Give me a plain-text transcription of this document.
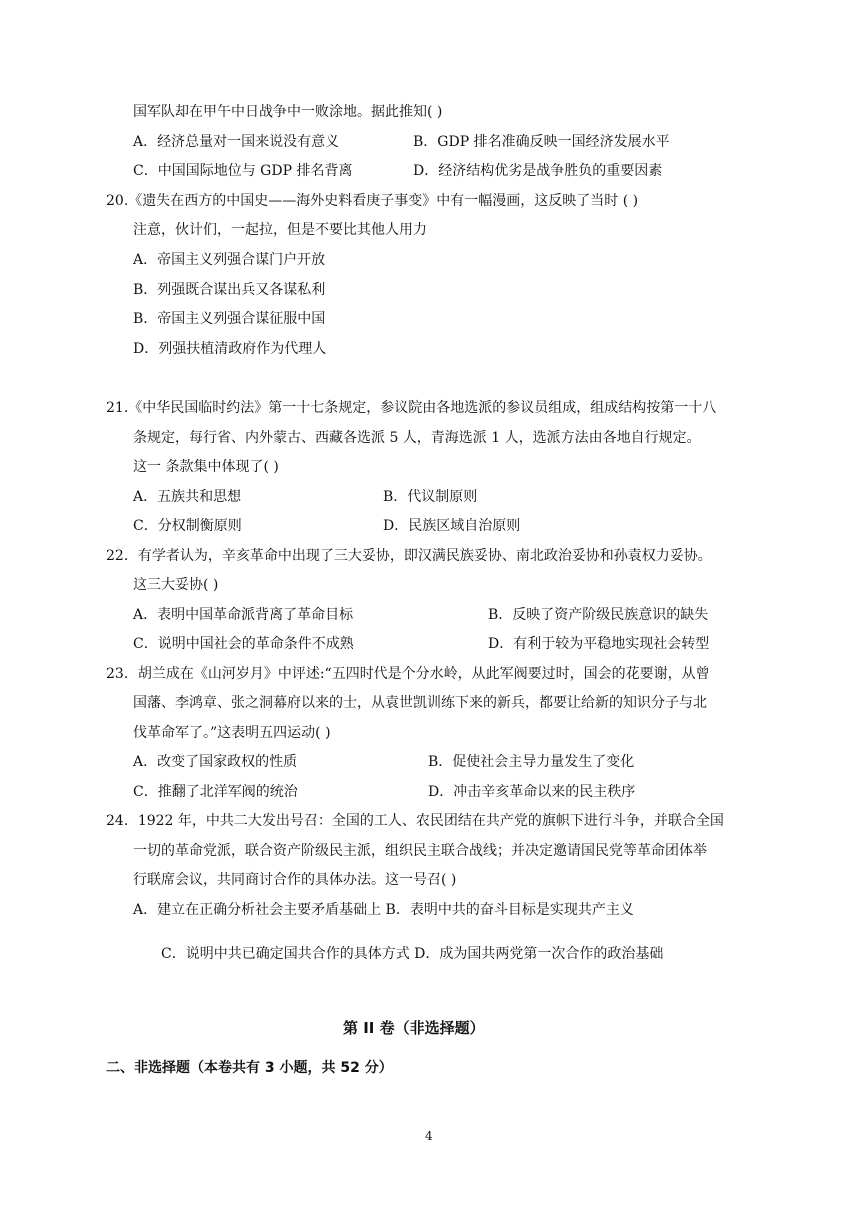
国军队却在甲午中日战争中一败涂地。据此推知( )
A．经济总量对一国来说没有意义	B．GDP 排名准确反映一国经济发展水平
C．中国国际地位与 GDP 排名背离	D．经济结构优劣是战争胜负的重要因素
20.《遗失在西方的中国史——海外史料看庚子事变》中有一幅漫画，这反映了当时 ( )
注意，伙计们，一起拉，但是不要比其他人用力
A．帝国主义列强合谋门户开放
B．列强既合谋出兵又各谋私利
B．帝国主义列强合谋征服中国
D．列强扶植清政府作为代理人
21.《中华民国临时约法》第一十七条规定，参议院由各地选派的参议员组成，组成结构按第一十八
条规定，每行省、内外蒙古、西藏各选派 5 人，青海选派 1 人，选派方法由各地自行规定。
这一 条款集中体现了( )
A．五族共和思想	B．代议制原则
C．分权制衡原则	D．民族区域自治原则
22．有学者认为，辛亥革命中出现了三大妥协，即汉满民族妥协、南北政治妥协和孙袁权力妥协。
这三大妥协( )
A．表明中国革命派背离了革命目标	B．反映了资产阶级民族意识的缺失
C．说明中国社会的革命条件不成熟	D．有利于较为平稳地实现社会转型
23．胡兰成在《山河岁月》中评述:“五四时代是个分水岭，从此军阀要过时，国会的花要谢，从曾
国藩、李鸿章、张之洞幕府以来的士，从袁世凯训练下来的新兵，都要让给新的知识分子与北
伐革命军了。”这表明五四运动( )
A．改变了国家政权的性质	B．促使社会主导力量发生了变化
C．推翻了北洋军阀的统治	D．冲击辛亥革命以来的民主秩序
24．1922 年，中共二大发出号召：全国的工人、农民团结在共产党的旗帜下进行斗争，并联合全国
一切的革命党派，联合资产阶级民主派，组织民主联合战线；并决定邀请国民党等革命团体举
行联席会议，共同商讨合作的具体办法。这一号召( )
A．建立在正确分析社会主要矛盾基础上 B．表明中共的奋斗目标是实现共产主义
C．说明中共已确定国共合作的具体方式 D．成为国共两党第一次合作的政治基础
第 II 卷（非选择题）
二、非选择题（本卷共有 3 小题，共 52 分）
4
